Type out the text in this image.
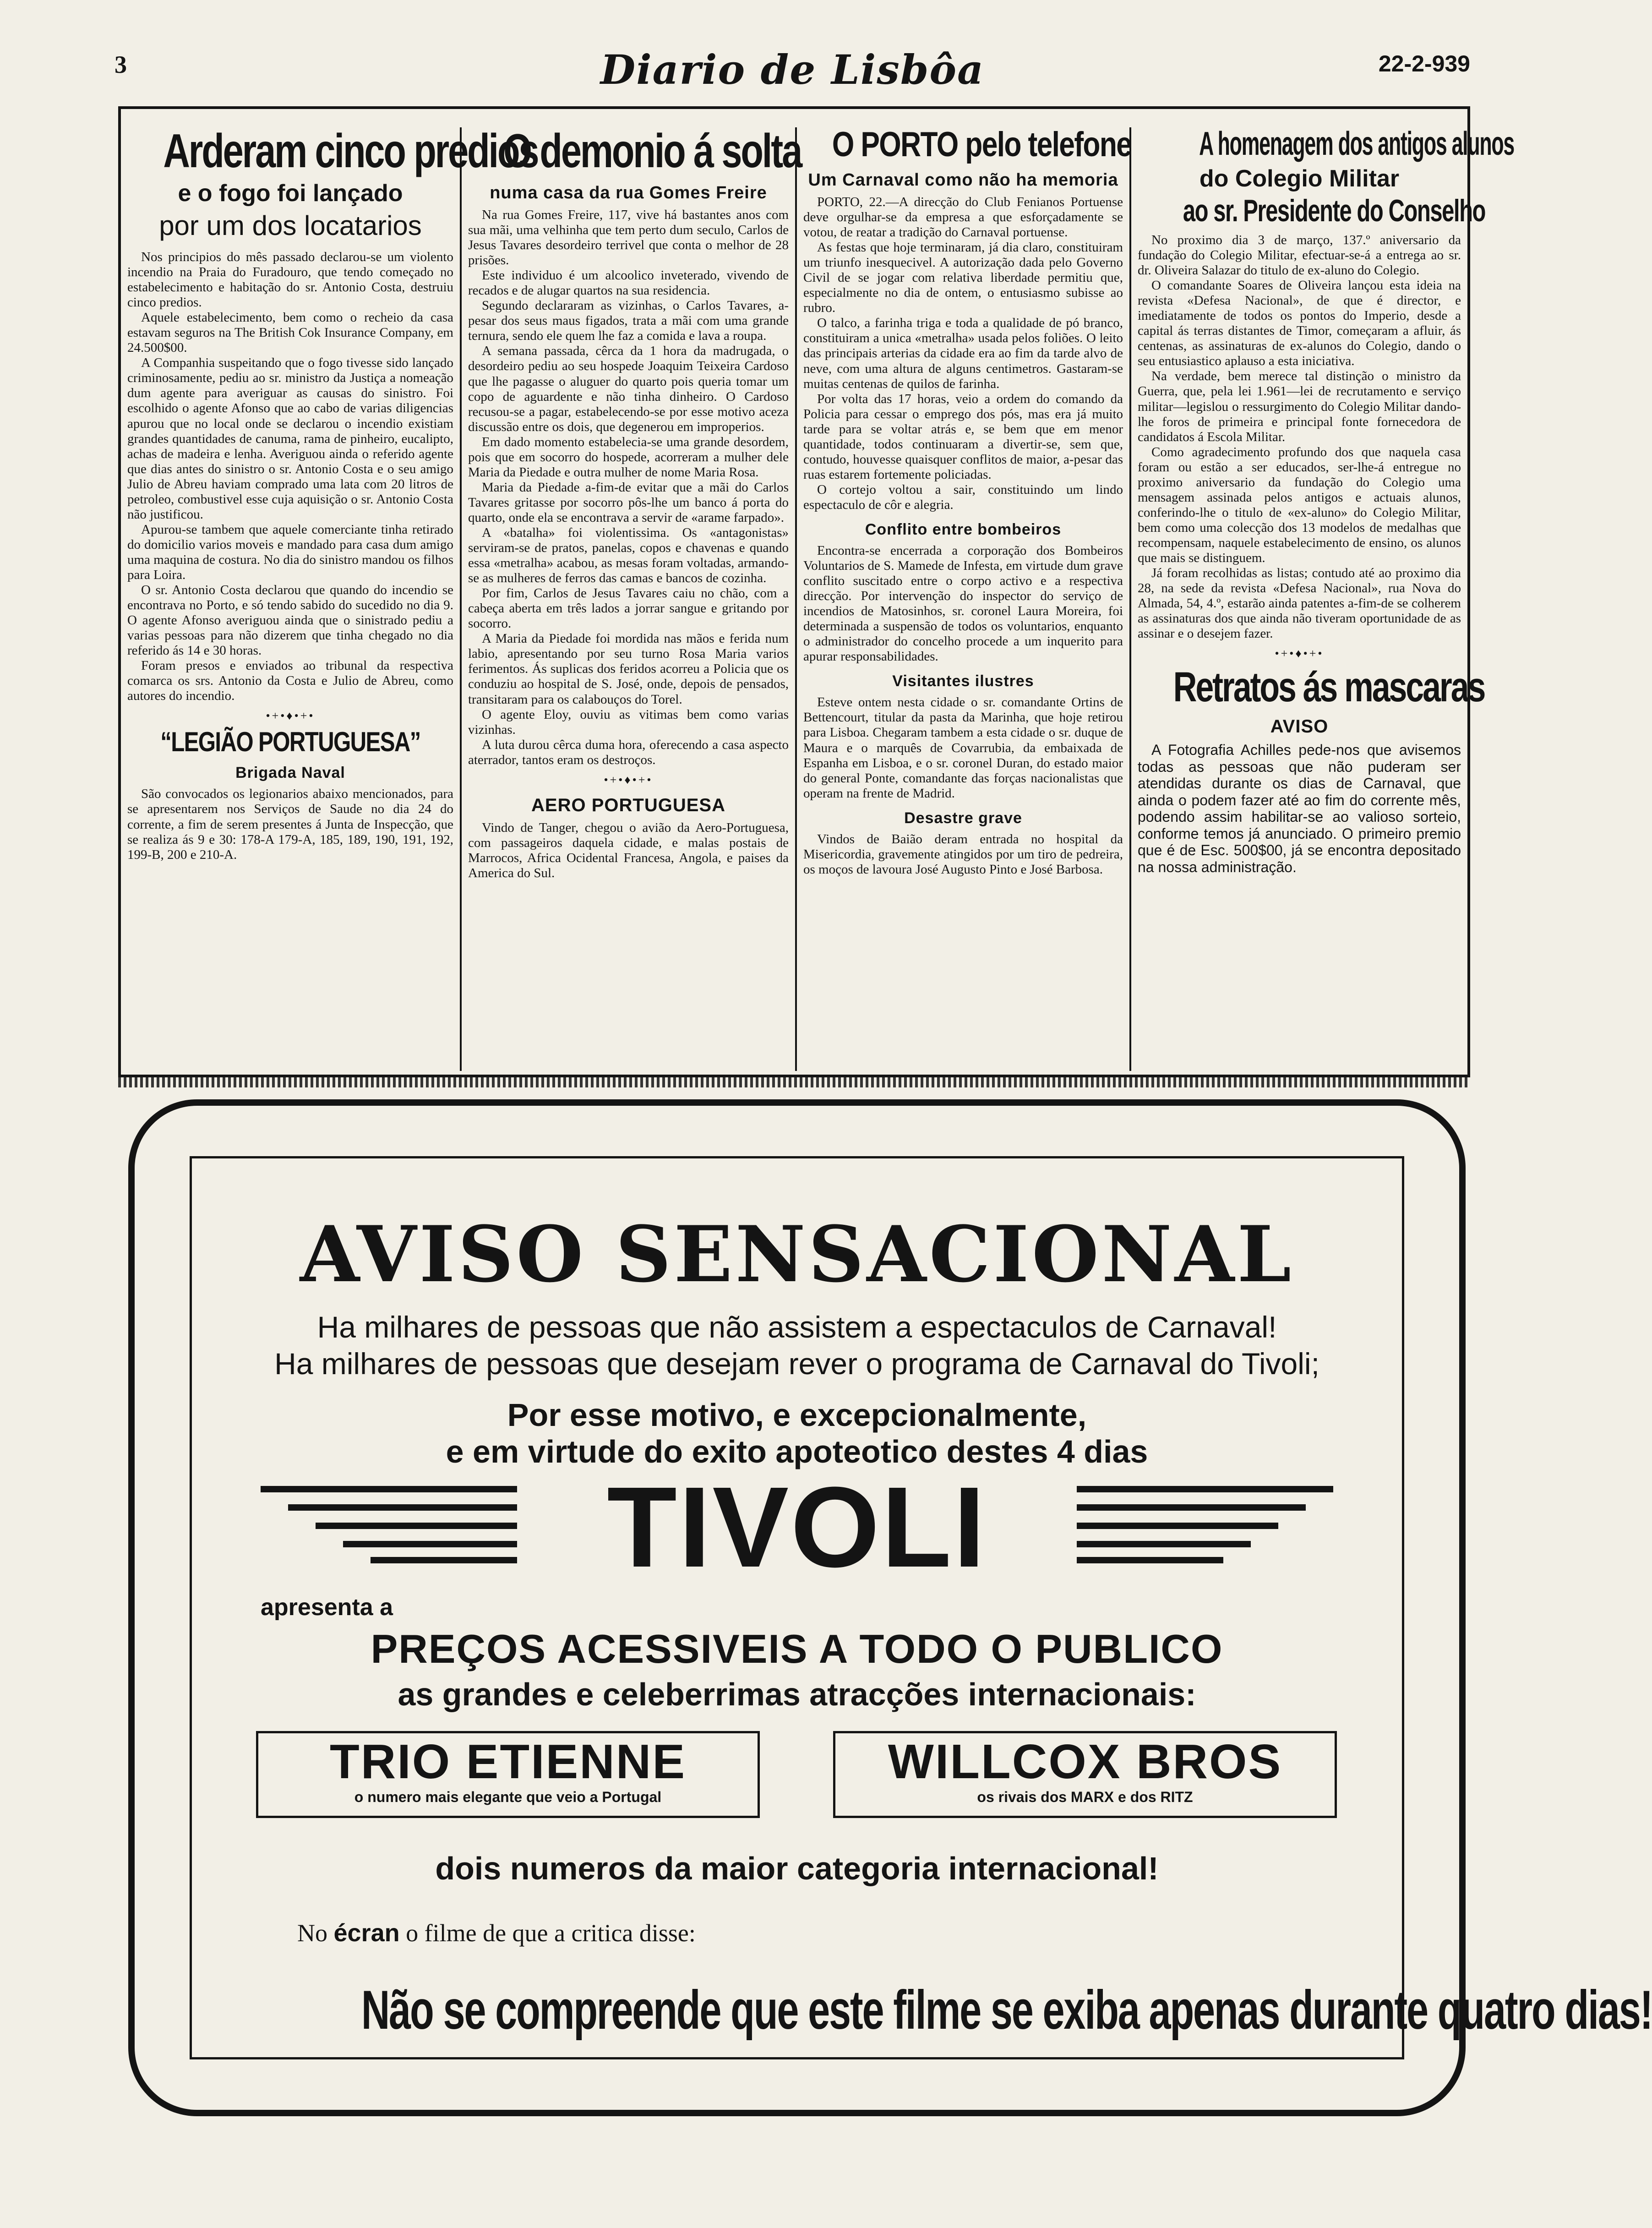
3	Diario de Lisbôa	22-2-939
Arderam cinco predios
e o fogo foi lançado
por um dos locatarios

Nos principios do mês passado declarou-se um violento incendio na Praia do Furadouro, que tendo começado no estabelecimento e habitação do sr. Antonio Costa, destruiu cinco predios.

Aquele estabelecimento, bem como o recheio da casa estavam seguros na The British Cok Insurance Company, em 24.500$00.

A Companhia suspeitando que o fogo tivesse sido lançado criminosamente, pediu ao sr. ministro da Justiça a nomeação dum agente para averiguar as causas do sinistro. Foi escolhido o agente Afonso que ao cabo de varias diligencias apurou que no local onde se declarou o incendio existiam grandes quantidades de canuma, rama de pinheiro, eucalipto, achas de madeira e lenha. Averiguou ainda o referido agente que dias antes do sinistro o sr. Antonio Costa e o seu amigo Julio de Abreu haviam comprado uma lata com 20 litros de petroleo, combustivel esse cuja aquisição o sr. Antonio Costa não justificou.

Apurou-se tambem que aquele comerciante tinha retirado do domicilio varios moveis e mandado para casa dum amigo uma maquina de costura. No dia do sinistro mandou os filhos para Loira.

O sr. Antonio Costa declarou que quando do incendio se encontrava no Porto, e só tendo sabido do sucedido no dia 9. O agente Afonso averiguou ainda que o sinistrado pediu a varias pessoas para não dizerem que tinha chegado no dia referido ás 14 e 30 horas.

Foram presos e enviados ao tribunal da respectiva comarca os srs. Antonio da Costa e Julio de Abreu, como autores do incendio.

•+•♦•+•
“LEGIÃO PORTUGUESA”
Brigada Naval

São convocados os legionarios abaixo mencionados, para se apresentarem nos Serviços de Saude no dia 24 do corrente, a fim de serem presentes á Junta de Inspecção, que se realiza ás 9 e 30: 178-A 179-A, 185, 189, 190, 191, 192, 199-B, 200 e 210-A.

O demonio á solta
numa casa da rua Gomes Freire

Na rua Gomes Freire, 117, vive há bastantes anos com sua mãi, uma velhinha que tem perto dum seculo, Carlos de Jesus Tavares desordeiro terrivel que conta o melhor de 28 prisões.

Este individuo é um alcoolico inveterado, vivendo de recados e de alugar quartos na sua residencia.

Segundo declararam as vizinhas, o Carlos Tavares, a-pesar dos seus maus figados, trata a mãi com uma grande ternura, sendo ele quem lhe faz a comida e lava a roupa.

A semana passada, cêrca da 1 hora da madrugada, o desordeiro pediu ao seu hospede Joaquim Teixeira Cardoso que lhe pagasse o aluguer do quarto pois queria tomar um copo de aguardente e não tinha dinheiro. O Cardoso recusou-se a pagar, estabelecendo-se por esse motivo aceza discussão entre os dois, que degenerou em improperios.

Em dado momento estabelecia-se uma grande desordem, pois que em socorro do hospede, acorreram a mulher dele Maria da Piedade e outra mulher de nome Maria Rosa.

Maria da Piedade a-fim-de evitar que a mãi do Carlos Tavares gritasse por socorro pôs-lhe um banco á porta do quarto, onde ela se encontrava a servir de «arame farpado».

A «batalha» foi violentissima. Os «antagonistas» serviram-se de pratos, panelas, copos e chavenas e quando essa «metralha» acabou, as mesas foram voltadas, armando-se as mulheres de ferros das camas e bancos de cozinha.

Por fim, Carlos de Jesus Tavares caiu no chão, com a cabeça aberta em três lados a jorrar sangue e gritando por socorro.

A Maria da Piedade foi mordida nas mãos e ferida num labio, apresentando por seu turno Rosa Maria varios ferimentos. Ás suplicas dos feridos acorreu a Policia que os conduziu ao hospital de S. José, onde, depois de pensados, transitaram para os calabouços do Torel.

O agente Eloy, ouviu as vitimas bem como varias vizinhas.

A luta durou cêrca duma hora, oferecendo a casa aspecto aterrador, tantos eram os destroços.

•+•♦•+•
AERO PORTUGUESA

Vindo de Tanger, chegou o avião da Aero-Portuguesa, com passageiros daquela cidade, e malas postais de Marrocos, Africa Ocidental Francesa, Angola, e paises da America do Sul.

O PORTO pelo telefone
Um Carnaval como não ha memoria

PORTO, 22.—A direcção do Club Fenianos Portuense deve orgulhar-se da empresa a que esforçadamente se votou, de reatar a tradição do Carnaval portuense.

As festas que hoje terminaram, já dia claro, constituiram um triunfo inesquecivel. A autorização dada pelo Governo Civil de se jogar com relativa liberdade permitiu que, especialmente no dia de ontem, o entusiasmo subisse ao rubro.

O talco, a farinha triga e toda a qualidade de pó branco, constituiram a unica «metralha» usada pelos foliões. O leito das principais arterias da cidade era ao fim da tarde alvo de neve, com uma altura de alguns centimetros. Gastaram-se muitas centenas de quilos de farinha.

Por volta das 17 horas, veio a ordem do comando da Policia para cessar o emprego dos pós, mas era já muito tarde para se voltar atrás e, se bem que em menor quantidade, todos continuaram a divertir-se, sem que, contudo, houvesse quaisquer conflitos de maior, a-pesar das ruas estarem fortemente policiadas.

O cortejo voltou a sair, constituindo um lindo espectaculo de côr e alegria.

Conflito entre bombeiros

Encontra-se encerrada a corporação dos Bombeiros Voluntarios de S. Mamede de Infesta, em virtude dum grave conflito suscitado entre o corpo activo e a respectiva direcção. Por intervenção do inspector do serviço de incendios de Matosinhos, sr. coronel Laura Moreira, foi determinada a suspensão de todos os voluntarios, enquanto o administrador do concelho procede a um inquerito para apurar responsabilidades.

Visitantes ilustres

Esteve ontem nesta cidade o sr. comandante Ortins de Bettencourt, titular da pasta da Marinha, que hoje retirou para Lisboa. Chegaram tambem a esta cidade o sr. duque de Maura e o marquês de Covarrubia, da embaixada de Espanha em Lisboa, e o sr. coronel Duran, do estado maior do general Ponte, comandante das forças nacionalistas que operam na frente de Madrid.

Desastre grave

Vindos de Baião deram entrada no hospital da Misericordia, gravemente atingidos por um tiro de pedreira, os moços de lavoura José Augusto Pinto e José Barbosa.

A homenagem dos antigos alunos
do Colegio Militar
ao sr. Presidente do Conselho

No proximo dia 3 de março, 137.º aniversario da fundação do Colegio Militar, efectuar-se-á a entrega ao sr. dr. Oliveira Salazar do titulo de ex-aluno do Colegio.

O comandante Soares de Oliveira lançou esta ideia na revista «Defesa Nacional», de que é director, e imediatamente de todos os pontos do Imperio, desde a capital ás terras distantes de Timor, começaram a afluir, ás centenas, as assinaturas de ex-alunos do Colegio, dando o seu entusiastico aplauso a esta iniciativa.

Na verdade, bem merece tal distinção o ministro da Guerra, que, pela lei 1.961—lei de recrutamento e serviço militar—legislou o ressurgimento do Colegio Militar dando-lhe foros de primeira e principal fonte fornecedora de candidatos á Escola Militar.

Como agradecimento profundo dos que naquela casa foram ou estão a ser educados, ser-lhe-á entregue no proximo aniversario da fundação do Colegio uma mensagem assinada pelos antigos e actuais alunos, conferindo-lhe o titulo de «ex-aluno» do Colegio Militar, bem como uma colecção dos 13 modelos de medalhas que recompensam, naquele estabelecimento de ensino, os alunos que mais se distinguem.

Já foram recolhidas as listas; contudo até ao proximo dia 28, na sede da revista «Defesa Nacional», rua Nova do Almada, 54, 4.º, estarão ainda patentes a-fim-de se colherem as assinaturas dos que ainda não tiveram oportunidade de as assinar e o desejem fazer.

•+•♦•+•
Retratos ás mascaras
AVISO

A Fotografia Achilles pede-nos que avisemos todas as pessoas que não puderam ser atendidas durante os dias de Carnaval, que ainda o podem fazer até ao fim do corrente mês, podendo assim habilitar-se ao valioso sorteio, conforme temos já anunciado. O primeiro premio que é de Esc. 500$00, já se encontra depositado na nossa administração.

AVISO SENSACIONAL
Ha milhares de pessoas que não assistem a espectaculos de Carnaval!
Ha milhares de pessoas que desejam rever o programa de Carnaval do Tivoli;
Por esse motivo, e excepcionalmente,
e em virtude do exito apoteotico destes 4 dias
TIVOLI
apresenta a
PREÇOS ACESSIVEIS A TODO O PUBLICO
as grandes e celeberrimas atracções internacionais:
TRIO ETIENNE
o numero mais elegante que veio a Portugal
WILLCOX BROS
os rivais dos MARX e dos RITZ
dois numeros da maior categoria internacional!
No écran o filme de que a critica disse:
Não se compreende que este filme se exiba apenas durante quatro dias!
